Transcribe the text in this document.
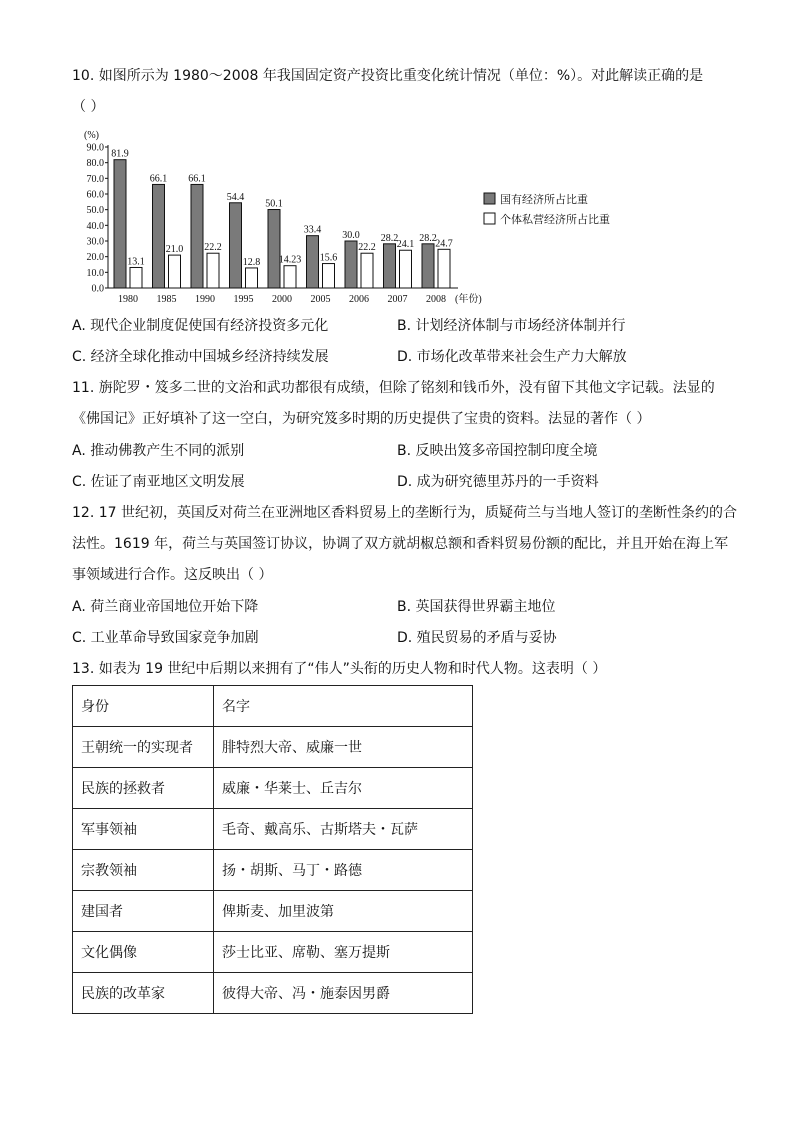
10. 如图所示为 1980～2008 年我国固定资产投资比重变化统计情况（单位：%）。对此解读正确的是
（ ）
(%)
0.0
10.0
20.0
30.0
40.0
50.0
60.0
70.0
80.0
90.0
81.9
13.1
66.1
21.0
66.1
22.2
54.4
12.8
50.1
14.23
33.4
15.6
30.0
22.2
28.2
24.1
28.2
24.7
1980 1985 1990 1995 2000 2005 2006 2007 2008 (年份)
国有经济所占比重
个体私营经济所占比重
A. 现代企业制度促使国有经济投资多元化	B. 计划经济体制与市场经济体制并行
C. 经济全球化推动中国城乡经济持续发展	D. 市场化改革带来社会生产力大解放
11. 旃陀罗・笈多二世的文治和武功都很有成绩，但除了铭刻和钱币外，没有留下其他文字记载。法显的
《佛国记》正好填补了这一空白，为研究笈多时期的历史提供了宝贵的资料。法显的著作（ ）
A. 推动佛教产生不同的派别	B. 反映出笈多帝国控制印度全境
C. 佐证了南亚地区文明发展	D. 成为研究德里苏丹的一手资料
12. 17 世纪初，英国反对荷兰在亚洲地区香料贸易上的垄断行为，质疑荷兰与当地人签订的垄断性条约的合
法性。1619 年，荷兰与英国签订协议，协调了双方就胡椒总额和香料贸易份额的配比，并且开始在海上军
事领域进行合作。这反映出（ ）
A. 荷兰商业帝国地位开始下降	B. 英国获得世界霸主地位
C. 工业革命导致国家竞争加剧	D. 殖民贸易的矛盾与妥协
13. 如表为 19 世纪中后期以来拥有了“伟人”头衔的历史人物和时代人物。这表明（ ）
身份	名字
王朝统一的实现者	腓特烈大帝、威廉一世
民族的拯救者	威廉・华莱士、丘吉尔
军事领袖	毛奇、戴高乐、古斯塔夫・瓦萨
宗教领袖	扬・胡斯、马丁・路德
建国者	俾斯麦、加里波第
文化偶像	莎士比亚、席勒、塞万提斯
民族的改革家	彼得大帝、冯・施泰因男爵
